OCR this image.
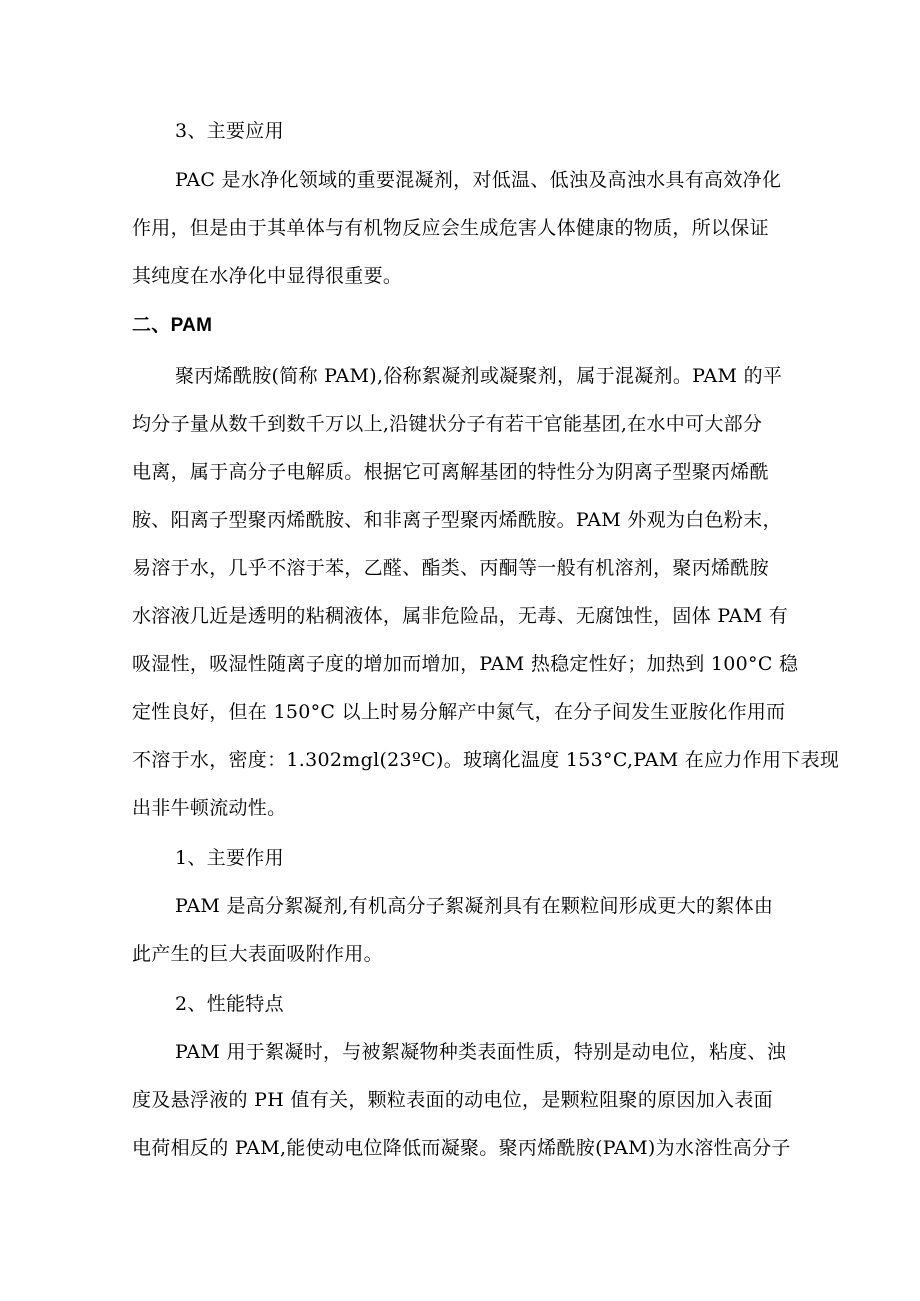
3、主要应用
PAC 是水净化领域的重要混凝剂，对低温、低浊及高浊水具有高效净化
作用，但是由于其单体与有机物反应会生成危害人体健康的物质，所以保证
其纯度在水净化中显得很重要。
二、PAM
聚丙烯酰胺(简称 PAM),俗称絮凝剂或凝聚剂，属于混凝剂。PAM 的平
均分子量从数千到数千万以上,沿键状分子有若干官能基团,在水中可大部分
电离，属于高分子电解质。根据它可离解基团的特性分为阴离子型聚丙烯酰
胺、阳离子型聚丙烯酰胺、和非离子型聚丙烯酰胺。PAM 外观为白色粉末，
易溶于水，几乎不溶于苯，乙醛、酯类、丙酮等一般有机溶剂，聚丙烯酰胺
水溶液几近是透明的粘稠液体，属非危险品，无毒、无腐蚀性，固体 PAM 有
吸湿性，吸湿性随离子度的增加而增加，PAM 热稳定性好；加热到 100°C 稳
定性良好，但在 150°C 以上时易分解产中氮气，在分子间发生亚胺化作用而
不溶于水，密度：1.302mgl(23ºC)。玻璃化温度 153°C,PAM 在应力作用下表现
出非牛顿流动性。
1、主要作用
PAM 是高分絮凝剂,有机高分子絮凝剂具有在颗粒间形成更大的絮体由
此产生的巨大表面吸附作用。
2、性能特点
PAM 用于絮凝时，与被絮凝物种类表面性质，特别是动电位，粘度、浊
度及悬浮液的 PH 值有关，颗粒表面的动电位，是颗粒阻聚的原因加入表面
电荷相反的 PAM,能使动电位降低而凝聚。聚丙烯酰胺(PAM)为水溶性高分子
